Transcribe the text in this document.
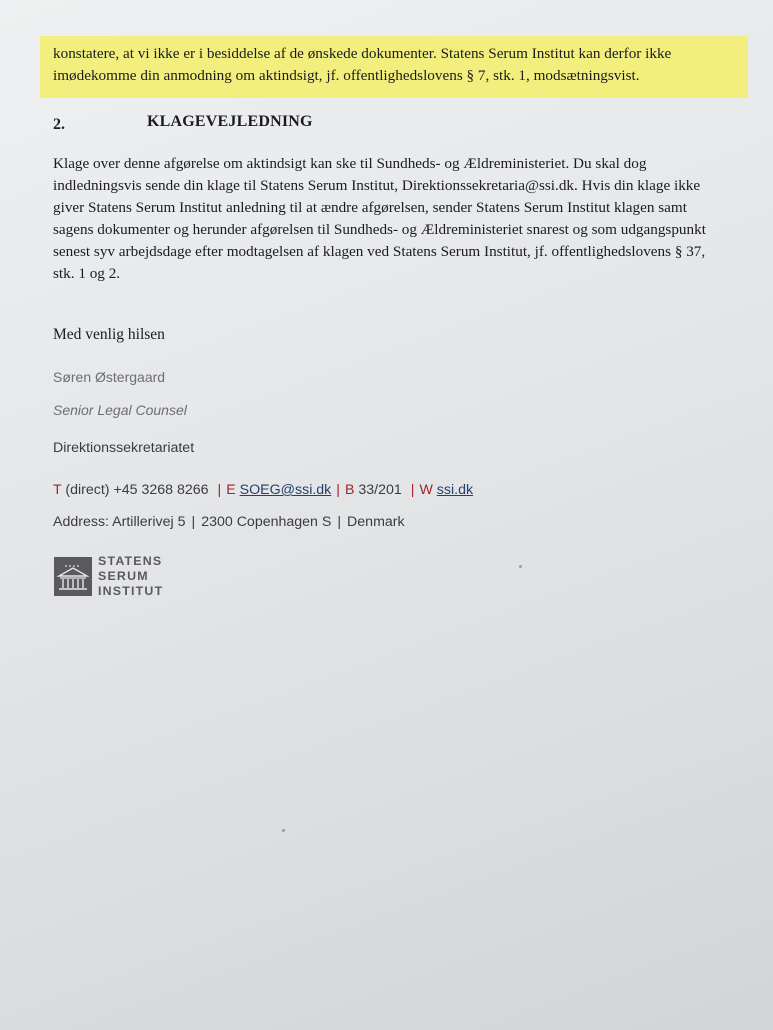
konstatere, at vi ikke er i besiddelse af de ønskede dokumenter. Statens Serum Institut kan derfor ikke
imødekomme din anmodning om aktindsigt, jf. offentlighedslovens § 7, stk. 1, modsætningsvist.
2.	KLAGEVEJLEDNING
Klage over denne afgørelse om aktindsigt kan ske til Sundheds- og Ældreministeriet. Du skal dog
indledningsvis sende din klage til Statens Serum Institut, Direktionssekretaria@ssi.dk. Hvis din klage ikke
giver Statens Serum Institut anledning til at ændre afgørelsen, sender Statens Serum Institut klagen samt
sagens dokumenter og herunder afgørelsen til Sundheds- og Ældreministeriet snarest og som udgangspunkt
senest syv arbejdsdage efter modtagelsen af klagen ved Statens Serum Institut, jf. offentlighedslovens § 37,
stk. 1 og 2.
Med venlig hilsen
Søren Østergaard
Senior Legal Counsel
Direktionssekretariatet
T (direct) +45 3268 8266 | E SOEG@ssi.dk | B 33/201 | W ssi.dk
Address: Artillerivej 5 | 2300 Copenhagen S | Denmark
STATENS
SERUM
INSTITUT
